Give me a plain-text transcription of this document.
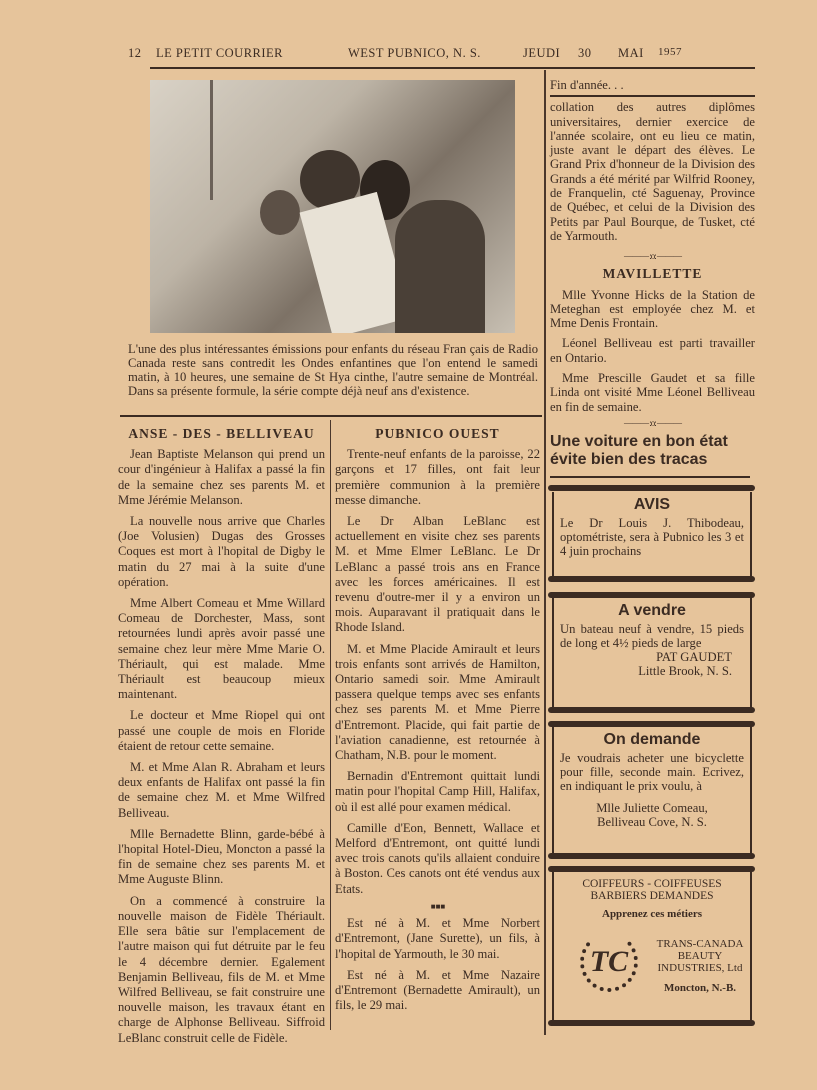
12 LE PETIT COURRIER	WEST PUBNICO, N. S.	JEUDI 30 MAI 1957
L'une des plus intéressantes émissions pour enfants du réseau Fran çais de Radio Canada reste sans contredit les Ondes enfantines que l'on entend le samedi matin, à 10 heures, une semaine de St Hya cinthe, l'autre semaine de Montréal. Dans sa présente formule, la série compte déjà neuf ans d'existence.
ANSE - DES - BELLIVEAU

Jean Baptiste Melanson qui prend un cour d'ingénieur à Halifax a passé la fin de la semaine chez ses parents M. et Mme Jérémie Melanson.

La nouvelle nous arrive que Charles (Joe Volusien) Dugas des Grosses Coques est mort à l'hopital de Digby le matin du 27 mai à la suite d'une opération.

Mme Albert Comeau et Mme Willard Comeau de Dorchester, Mass, sont retournées lundi après avoir passé une semaine chez leur mère Mme Marie O. Thériault, qui est malade. Mme Thériault est beaucoup mieux maintenant.

Le docteur et Mme Riopel qui ont passé une couple de mois en Floride étaient de retour cette semaine.

M. et Mme Alan R. Abraham et leurs deux enfants de Halifax ont passé la fin de semaine chez M. et Mme Wilfred Belliveau.

Mlle Bernadette Blinn, garde-bébé à l'hopital Hotel-Dieu, Moncton a passé la fin de semaine chez ses parents M. et Mme Auguste Blinn.

On a commencé à construire la nouvelle maison de Fidèle Thériault. Elle sera bâtie sur l'emplacement de l'autre maison qui fut détruite par le feu le 4 décembre dernier. Egalement Benjamin Belliveau, fils de M. et Mme Wilfred Belliveau, se fait construire une nouvelle maison, les travaux étant en charge de Alphonse Belliveau. Siffroid LeBlanc construit celle de Fidèle.

PUBNICO OUEST

Trente-neuf enfants de la paroisse, 22 garçons et 17 filles, ont fait leur première communion à la première messe dimanche.

Le Dr Alban LeBlanc est actuellement en visite chez ses parents M. et Mme Elmer LeBlanc. Le Dr LeBlanc a passé trois ans en France avec les forces américaines. Il est revenu d'outre-mer il y a environ un mois. Auparavant il pratiquait dans le Rhode Island.

M. et Mme Placide Amirault et leurs trois enfants sont arrivés de Hamilton, Ontario samedi soir. Mme Amirault passera quelque temps avec ses enfants chez ses parents M. et Mme Pierre d'Entremont. Placide, qui fait partie de l'aviation canadienne, est retournée à Chatham, N.B. pour le moment.

Bernadin d'Entremont quittait lundi matin pour l'hopital Camp Hill, Halifax, où il est allé pour examen médical.

Camille d'Eon, Bennett, Wallace et Melford d'Entremont, ont quitté lundi avec trois canots qu'ils allaient conduire à Boston. Ces canots ont été vendus aux Etats.

■ ■ ■

Est né à M. et Mme Norbert d'Entremont, (Jane Surette), un fils, à l'hopital de Yarmouth, le 30 mai.

Est né à M. et Mme Nazaire d'Entremont (Bernadette Amirault), un fils, le 29 mai.

Fin d'année. . .

collation des autres diplômes universitaires, dernier exercice de l'année scolaire, ont eu lieu ce matin, juste avant le départ des élèves. Le Grand Prix d'honneur de la Division des Grands a été mérité par Wilfrid Rooney, de Franquelin, cté Saguenay, Province de Québec, et celui de la Division des Petits par Paul Bourque, de Tusket, cté de Yarmouth.

——— :o: ———
MAVILLETTE

Mlle Yvonne Hicks de la Station de Meteghan est employée chez M. et Mme Denis Frontain.

Léonel Belliveau est parti travailler en Ontario.

Mme Prescille Gaudet et sa fille Linda ont visité Mme Léonel Belliveau en fin de semaine.

——— :o: ———
Une voiture en bon état évite bien des tracas
AVIS
Le Dr Louis J. Thibodeau, optométriste, sera à Pubnico les 3 et 4 juin prochains
A vendre
Un bateau neuf à vendre, 15 pieds de long et 4½ pieds de large
PAT GAUDET
Little Brook, N. S.
On demande
Je voudrais acheter une bicyclette pour fille, seconde main. Ecrivez, en indiquant le prix voulu, à
Mlle Juliette Comeau,
Belliveau Cove, N. S.
COIFFEURS - COIFFEUSES
BARBIERS DEMANDES
Apprenez ces métiers
TC
TRANS-CANADA
BEAUTY
INDUSTRIES, Ltd
Moncton, N.-B.
